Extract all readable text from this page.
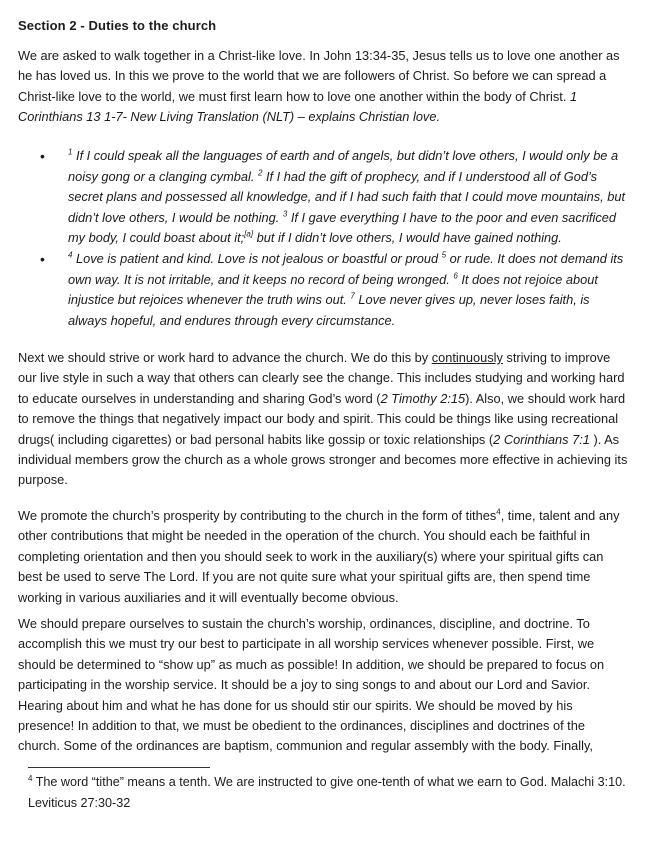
Section 2 - Duties to the church

We are asked to walk together in a Christ-like love. In John 13:34-35, Jesus tells us to love one another as he has loved us. In this we prove to the world that we are followers of Christ. So before we can spread a Christ-like love to the world, we must first learn how to love one another within the body of Christ. 1 Corinthians 13 1-7- New Living Translation (NLT) – explains Christian love.

•	$^1$ If I could speak all the languages of earth and of angels, but didn’t love others, I would only be a noisy gong or a clanging cymbal. $^2$ If I had the gift of prophecy, and if I understood all of God’s secret plans and possessed all knowledge, and if I had such faith that I could move mountains, but didn’t love others, I would be nothing. $^3$ If I gave everything I have to the poor and even sacrificed my body, I could boast about it;[a] but if I didn’t love others, I would have gained nothing.
•	$^4$ Love is patient and kind. Love is not jealous or boastful or proud $^5$ or rude. It does not demand its own way. It is not irritable, and it keeps no record of being wronged. $^6$ It does not rejoice about injustice but rejoices whenever the truth wins out. $^7$ Love never gives up, never loses faith, is always hopeful, and endures through every circumstance.

Next we should strive or work hard to advance the church. We do this by continuously striving to improve our live style in such a way that others can clearly see the change. This includes studying and working hard to educate ourselves in understanding and sharing God’s word (2 Timothy 2:15). Also, we should work hard to remove the things that negatively impact our body and spirit. This could be things like using recreational drugs( including cigarettes) or bad personal habits like gossip or toxic relationships (2 Corinthians 7:1 ). As individual members grow the church as a whole grows stronger and becomes more effective in achieving its purpose.

We promote the church’s prosperity by contributing to the church in the form of tithes$^4$, time, talent and any other contributions that might be needed in the operation of the church. You should each be faithful in completing orientation and then you should seek to work in the auxiliary(s) where your spiritual gifts can best be used to serve The Lord. If you are not quite sure what your spiritual gifts are, then spend time working in various auxiliaries and it will eventually become obvious.

We should prepare ourselves to sustain the church’s worship, ordinances, discipline, and doctrine. To accomplish this we must try our best to participate in all worship services whenever possible. First, we should be determined to “show up” as much as possible! In addition, we should be prepared to focus on participating in the worship service. It should be a joy to sing songs to and about our Lord and Savior. Hearing about him and what he has done for us should stir our spirits. We should be moved by his presence! In addition to that, we must be obedient to the ordinances, disciplines and doctrines of the church. Some of the ordinances are baptism, communion and regular assembly with the body. Finally,

$^4$ The word “tithe” means a tenth. We are instructed to give one-tenth of what we earn to God. Malachi 3:10. Leviticus 27:30-32
